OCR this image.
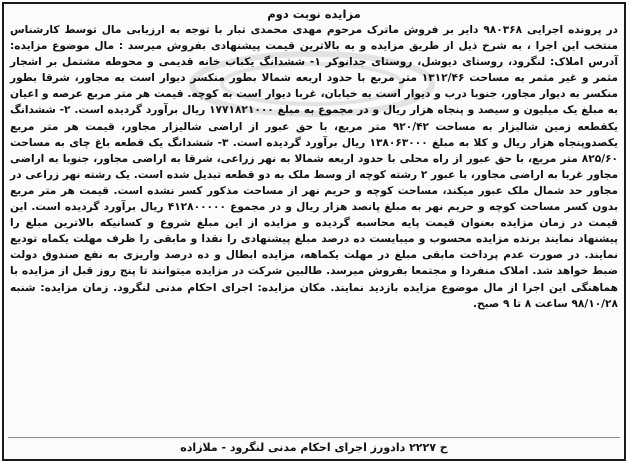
مزایده نوبت دوم
در پرونده اجرایی ۹۸۰۳۶۸ دایر بر فروش ماترک مرحوم مهدی محمدی تبار با توجه به ارزیابی مال توسط کارشناس منتخب این اجرا ، به شرح ذیل از طریق مزایده و به بالاترین قیمت پیشنهادی بفروش میرسد : مال موضوع مزایده: آدرس املاک: لنگرود، روستای دیوشل، روستای جدانوکر ۱- ششدانگ یکباب خانه قدیمی و محوطه مشتمل بر اشجار مثمر و غیر مثمر به مساحت ۱۳۱۲/۴۶ متر مربع با حدود اربعه شمالا بطور منکسر دیوار است به مجاور، شرقا بطور منکسر به دیوار مجاور، جنوبا درب و دیوار است به خیابان، غربا دیوار است به کوچه. قیمت هر متر مربع عرصه و اعیان به مبلغ یک میلیون و سیصد و پنجاه هزار ریال و در مجموع به مبلغ ۱۷۷۱۸۲۱۰۰۰ ریال برآورد گردیده است. ۲- ششدانگ یکقطعه زمین شالیزار به مساحت ۹۲۰/۴۲ متر مربع، با حق عبور از اراضی شالیزار مجاور، قیمت هر متر مربع یکصدوپنجاه هزار ریال و کلا به مبلغ ۱۳۸۰۶۳۰۰۰ ریال برآورد گردیده است. ۳- ششدانگ یک قطعه باغ چای به مساحت ۸۲۵/۶۰ متر مربع، با حق عبور از راه محلی با حدود اربعه شمالا به نهر زراعی، شرقا به اراضی مجاور، جنوبا به اراضی مجاور غربا به اراضی مجاور، با عبور ۲ رشته کوچه از وسط ملک به دو قطعه تبدیل شده است. یک رشته نهر زراعی در مجاور حد شمال ملک عبور میکند، مساحت کوچه و حریم نهر از مساحت مذکور کسر نشده است. قیمت هر متر مربع بدون کسر مساحت کوچه و حریم نهر به مبلغ پانصد هزار ریال و در مجموع ۴۱۲۸۰۰۰۰۰ ریال برآورد گردیده است. این قیمت در زمان مزایده بعنوان قیمت پایه محاسبه گردیده و مزایده از این مبلغ شروع و کسانیکه بالاترین مبلغ را پیشنهاد نمایند برنده مزایده محسوب و میبایست ده درصد مبلغ پیشنهادی را نقدا و مابقی را ظرف مهلت یکماه تودیع نمایند. در صورت عدم پرداخت مابقی مبلغ در مهلت یکماهه، مزایده ابطال و ده درصد واریزی به نفع صندوق دولت ضبط خواهد شد. املاک منفردا و مجتمعا بفروش میرسد. طالبین شرکت در مزایده میتوانند تا پنج روز قبل از مزایده با هماهنگی این اجرا از مال موضوع مزایده بازدید نمایند. مکان مزایده: اجرای احکام مدنی لنگرود. زمان مزایده: شنبه ۹۸/۱۰/۲۸ ساعت ۸ تا ۹ صبح.
ح ۲۲۲۷ دادورز اجرای احکام مدنی لنگرود - ملازاده
